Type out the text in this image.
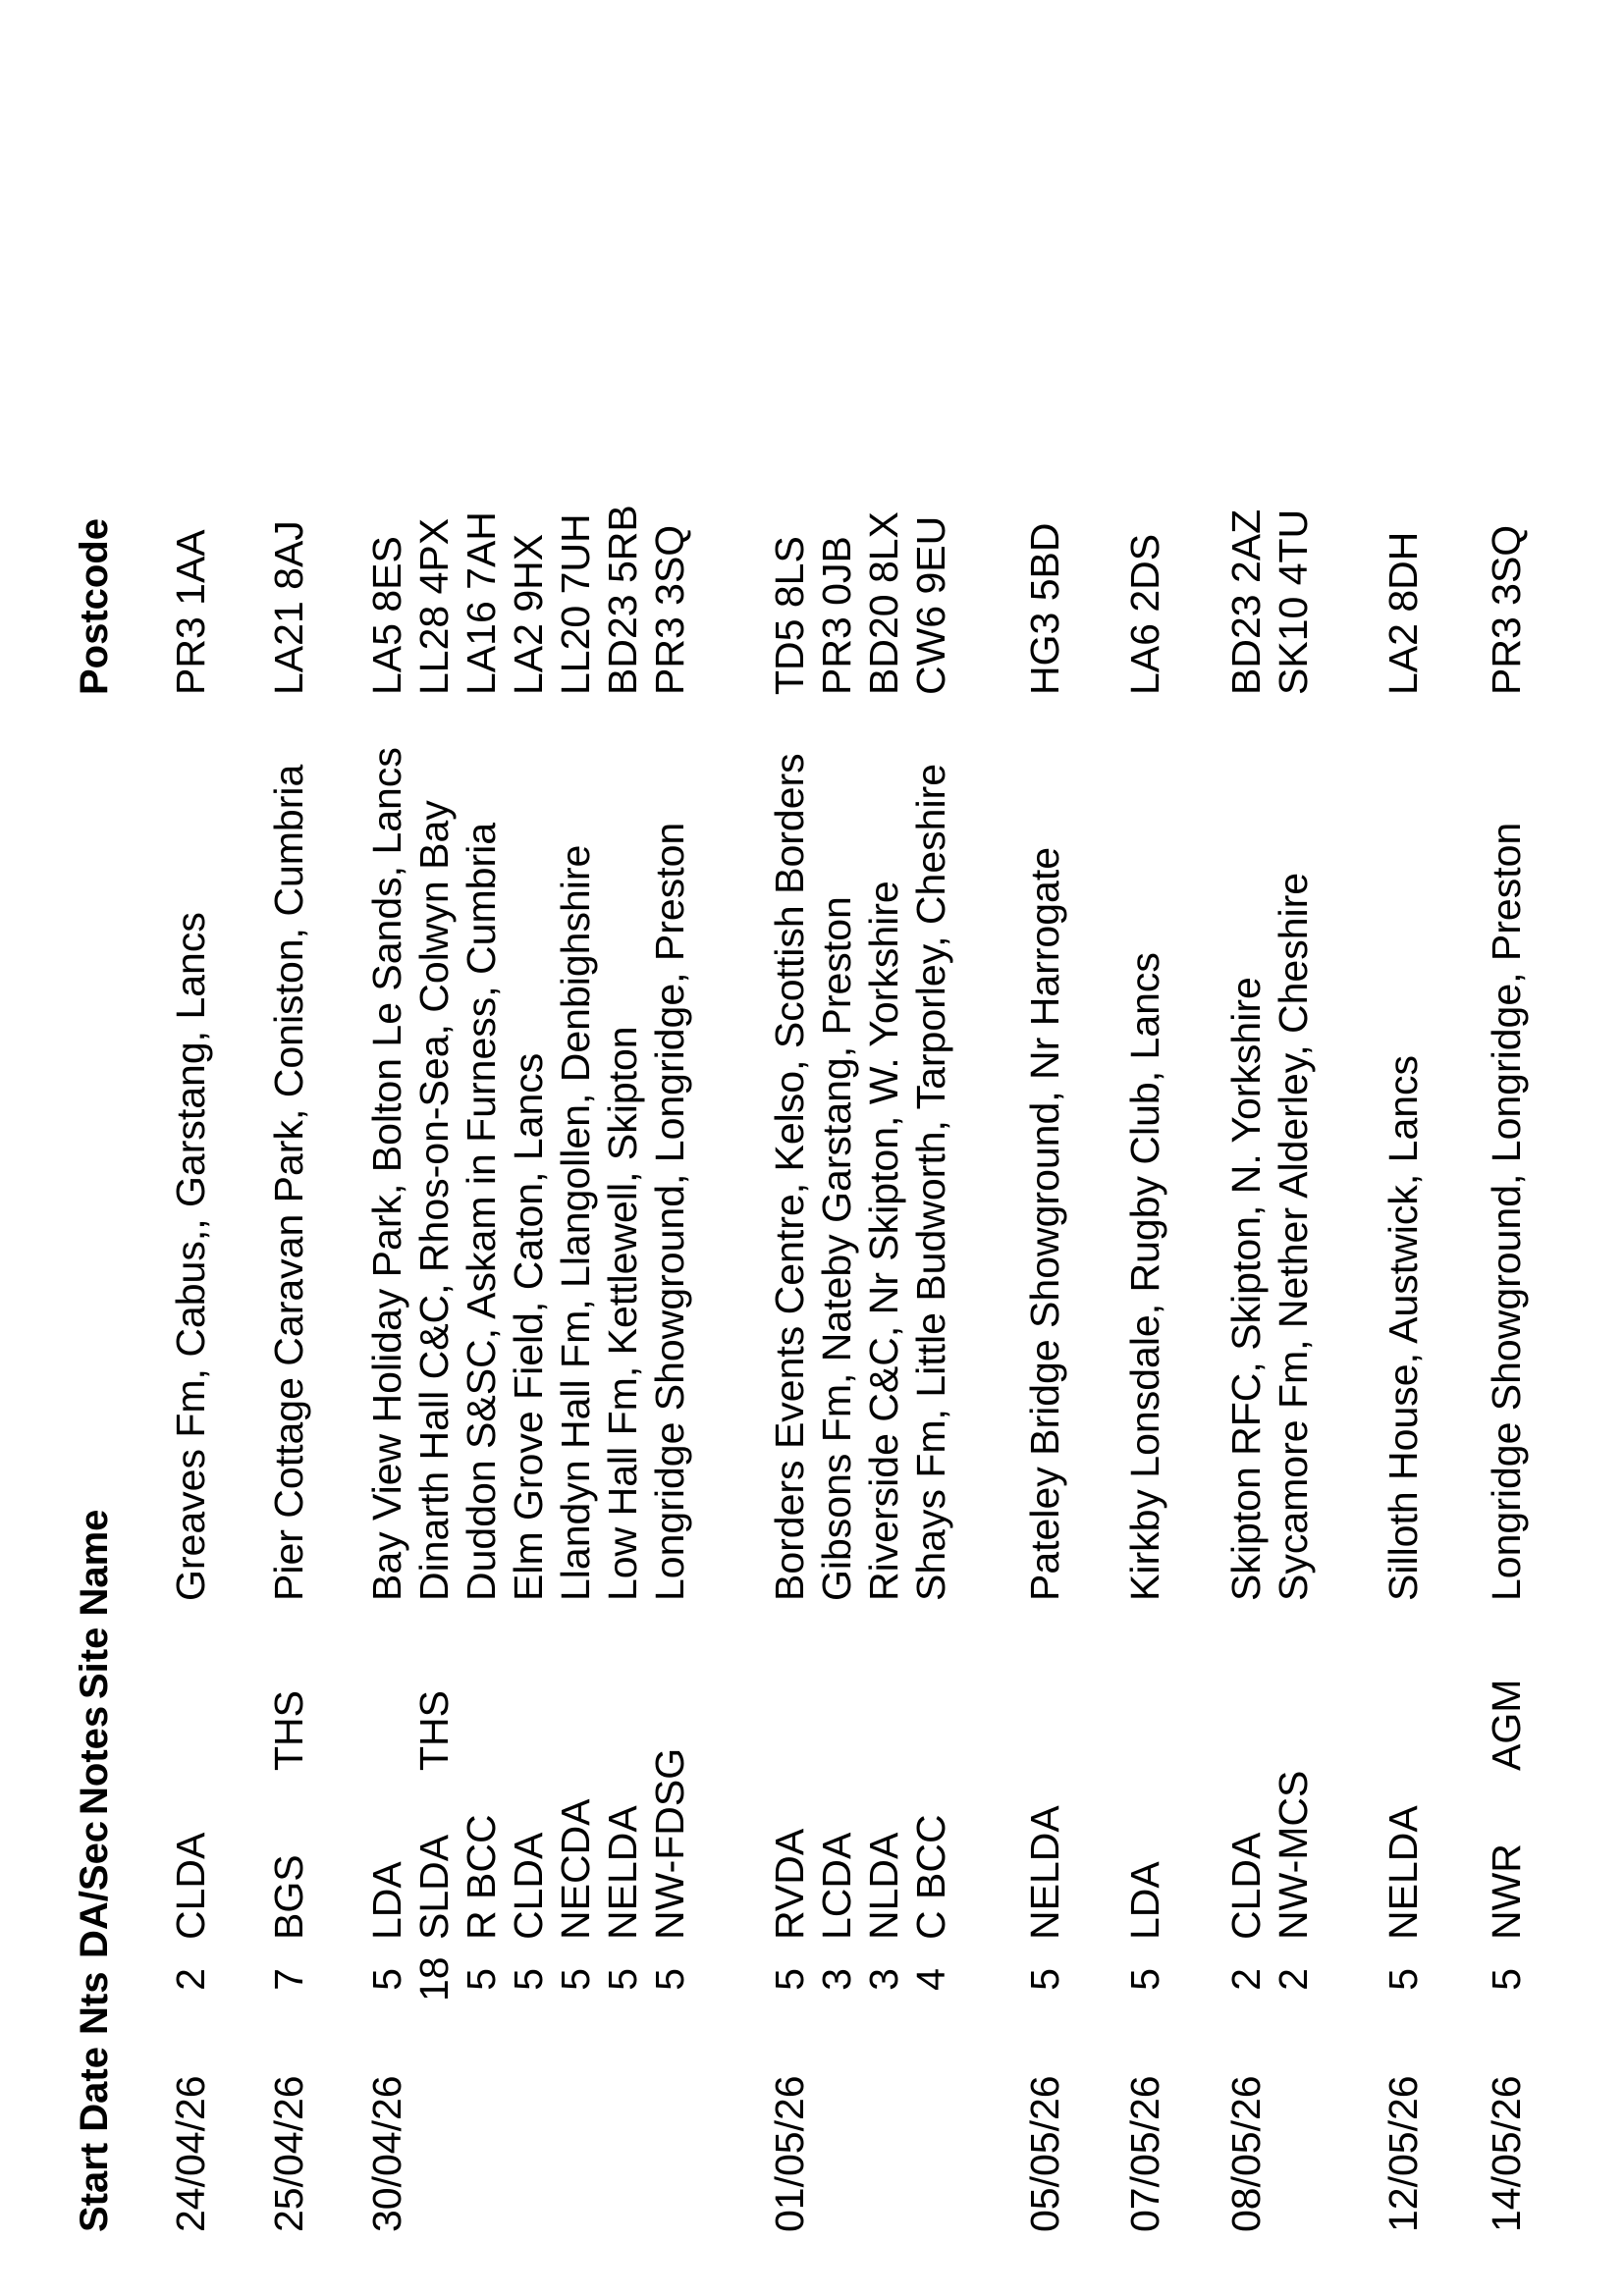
Start Date
Nts
DA/Sec
Notes
Site Name
Postcode
24/04/26
2
CLDA
Greaves Fm, Cabus,, Garstang, Lancs
PR3 1AA
25/04/26
7
BGS
THS
Pier Cottage Caravan Park, Coniston, Cumbria
LA21 8AJ
30/04/26
5
LDA
Bay View Holiday Park, Bolton Le Sands, Lancs
LA5 8ES
18
SLDA
THS
Dinarth Hall C&C, Rhos-on-Sea, Colwyn Bay
LL28 4PX
5
R BCC
Duddon S&SC, Askam in Furness, Cumbria
LA16 7AH
5
CLDA
Elm Grove Field, Caton, Lancs
LA2 9HX
5
NECDA
Llandyn Hall Fm, Llangollen, Denbighshire
LL20 7UH
5
NELDA
Low Hall Fm, Kettlewell, Skipton
BD23 5RB
5
NW-FDSG
Longridge Showground, Longridge, Preston
PR3 3SQ
01/05/26
5
RVDA
Borders Events Centre, Kelso, Scottish Borders
TD5 8LS
3
LCDA
Gibsons Fm, Nateby Garstang, Preston
PR3 0JB
3
NLDA
Riverside C&C, Nr Skipton, W. Yorkshire
BD20 8LX
4
C BCC
Shays Fm, Little Budworth, Tarporley, Cheshire
CW6 9EU
05/05/26
5
NELDA
Pateley Bridge Showground, Nr Harrogate
HG3 5BD
07/05/26
5
LDA
Kirkby Lonsdale, Rugby Club, Lancs
LA6 2DS
08/05/26
2
CLDA
Skipton RFC, Skipton, N. Yorkshire
BD23 2AZ
2
NW-MCS
Sycamore Fm, Nether Alderley, Cheshire
SK10 4TU
12/05/26
5
NELDA
Silloth House, Austwick, Lancs
LA2 8DH
14/05/26
5
NWR
AGM
Longridge Showground, Longridge, Preston
PR3 3SQ
